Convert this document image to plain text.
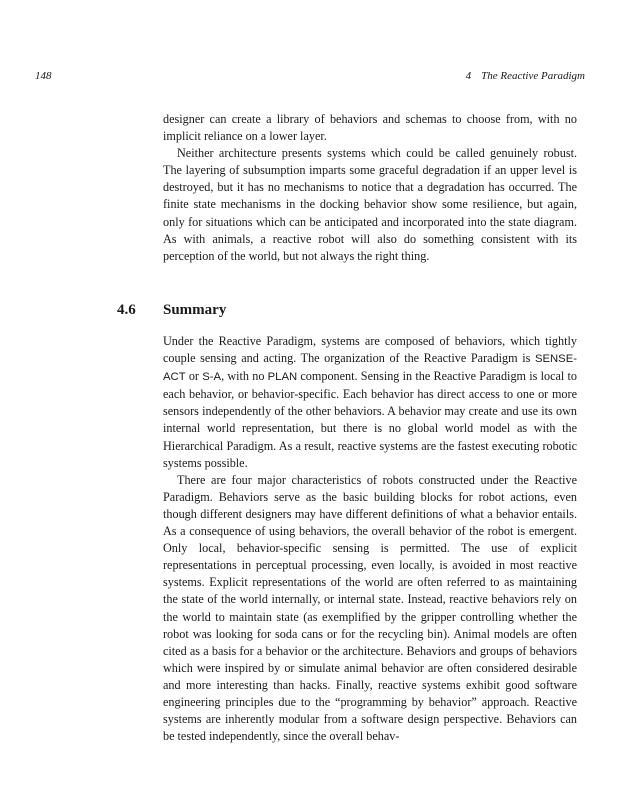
148	4 The Reactive Paradigm

designer can create a library of behaviors and schemas to choose from, with no implicit reliance on a lower layer.

Neither architecture presents systems which could be called genuinely robust. The layering of subsumption imparts some graceful degradation if an upper level is destroyed, but it has no mechanisms to notice that a degradation has occurred. The finite state mechanisms in the docking behavior show some resilience, but again, only for situations which can be anticipated and incorporated into the state diagram. As with animals, a reactive robot will also do something consistent with its perception of the world, but not always the right thing.

4.6 Summary

Under the Reactive Paradigm, systems are composed of behaviors, which tightly couple sensing and acting. The organization of the Reactive Paradigm is SENSE-ACT or S-A, with no PLAN component. Sensing in the Reactive Paradigm is local to each behavior, or behavior-specific. Each behavior has direct access to one or more sensors independently of the other behaviors. A behavior may create and use its own internal world representation, but there is no global world model as with the Hierarchical Paradigm. As a result, reactive systems are the fastest executing robotic systems possible.

There are four major characteristics of robots constructed under the Reactive Paradigm. Behaviors serve as the basic building blocks for robot actions, even though different designers may have different definitions of what a behavior entails. As a consequence of using behaviors, the overall behavior of the robot is emergent. Only local, behavior-specific sensing is permitted. The use of explicit representations in perceptual processing, even locally, is avoided in most reactive systems. Explicit representations of the world are often referred to as maintaining the state of the world internally, or internal state. Instead, reactive behaviors rely on the world to maintain state (as exemplified by the gripper controlling whether the robot was looking for soda cans or for the recycling bin). Animal models are often cited as a basis for a behavior or the architecture. Behaviors and groups of behaviors which were inspired by or simulate animal behavior are often considered desirable and more interesting than hacks. Finally, reactive systems exhibit good software engineering principles due to the “programming by behavior” approach. Reactive systems are inherently modular from a software design perspective. Behaviors can be tested independently, since the overall behav-
